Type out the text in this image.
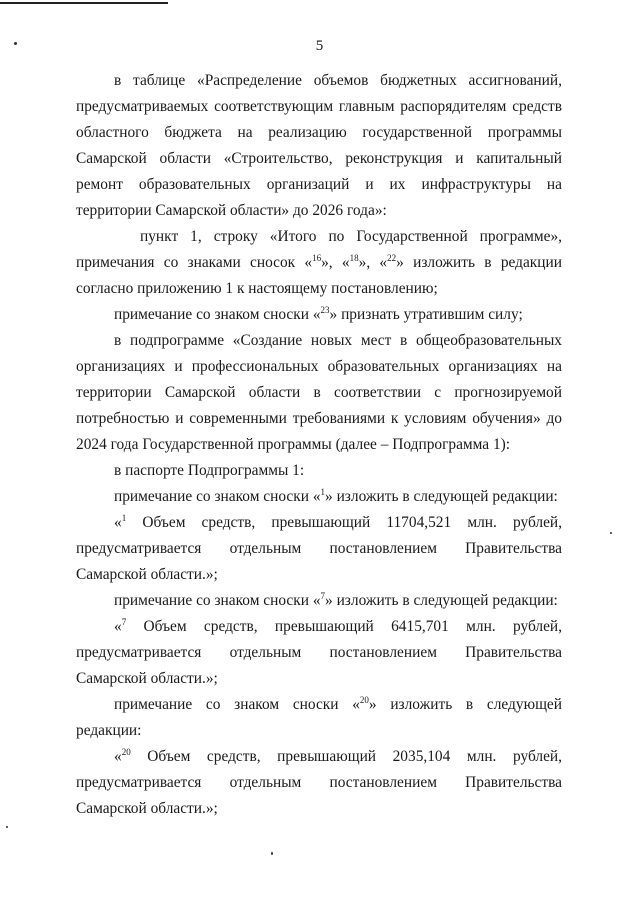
5

в таблице «Распределение объемов бюджетных ассигнований, предусматриваемых соответствующим главным распорядителям средств областного бюджета на реализацию государственной программы Самарской области «Строительство, реконструкция и капитальный ремонт образовательных организаций и их инфраструктуры на территории Самарской области» до 2026 года»:

пункт 1, строку «Итого по Государственной программе», примечания со знаками сносок «$^{16}$», «$^{18}$», «$^{22}$» изложить в редакции согласно приложению 1 к настоящему постановлению;

примечание со знаком сноски «$^{23}$» признать утратившим силу;

в подпрограмме «Создание новых мест в общеобразовательных организациях и профессиональных образовательных организациях на территории Самарской области в соответствии с прогнозируемой потребностью и современными требованиями к условиям обучения» до 2024 года Государственной программы (далее – Подпрограмма 1):

в паспорте Подпрограммы 1:

примечание со знаком сноски «$^1$» изложить в следующей редакции:

«$^1$ Объем средств, превышающий 11704,521 млн. рублей, предусматривается отдельным постановлением Правительства Самарской области.»;

примечание со знаком сноски «$^7$» изложить в следующей редакции:

«$^7$ Объем средств, превышающий 6415,701 млн. рублей, предусматривается отдельным постановлением Правительства Самарской области.»;

примечание со знаком сноски «$^{20}$» изложить в следующей редакции:

«$^{20}$ Объем средств, превышающий 2035,104 млн. рублей, предусматривается отдельным постановлением Правительства Самарской области.»;
